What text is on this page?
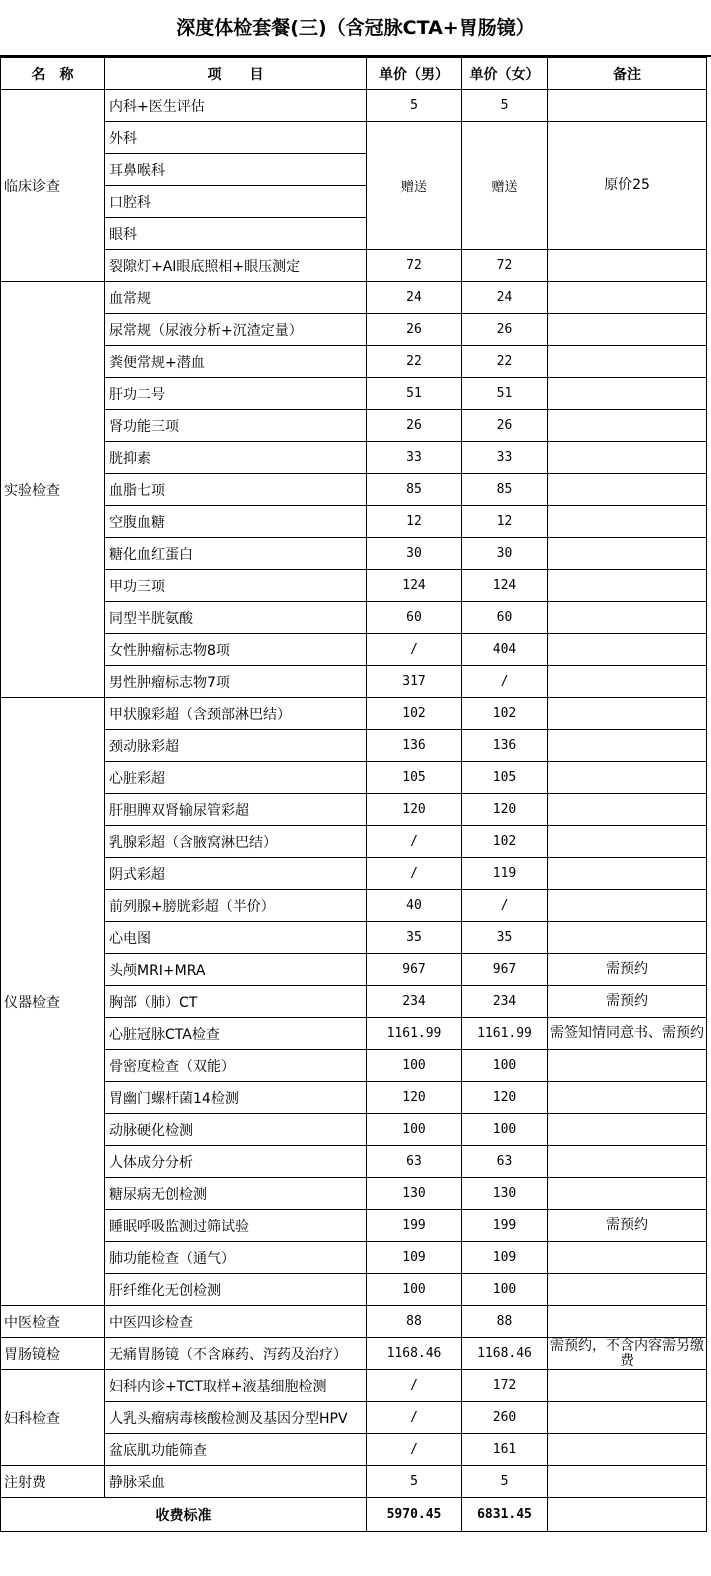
深度体检套餐(三)（含冠脉CTA+胃肠镜）
名　称	项　　目	单价（男）	单价（女）	备注
临床诊查	内科+医生评估	5	5	
	外科	赠送	赠送	原价25
	耳鼻喉科			
	口腔科			
	眼科			
	裂隙灯+AI眼底照相+眼压测定	72	72	
实验检查	血常规	24	24	
	尿常规（尿液分析+沉渣定量）	26	26	
	粪便常规+潜血	22	22	
	肝功二号	51	51	
	肾功能三项	26	26	
	胱抑素	33	33	
	血脂七项	85	85	
	空腹血糖	12	12	
	糖化血红蛋白	30	30	
	甲功三项	124	124	
	同型半胱氨酸	60	60	
	女性肿瘤标志物8项	/	404	
	男性肿瘤标志物7项	317	/	
仪器检查	甲状腺彩超（含颈部淋巴结）	102	102	
	颈动脉彩超	136	136	
	心脏彩超	105	105	
	肝胆脾双肾输尿管彩超	120	120	
	乳腺彩超（含腋窝淋巴结）	/	102	
	阴式彩超	/	119	
	前列腺+膀胱彩超（半价）	40	/	
	心电图	35	35	
	头颅MRI+MRA	967	967	需预约
	胸部（肺）CT	234	234	需预约
	心脏冠脉CTA检查	1161.99	1161.99	需签知情同意书、需预约
	骨密度检查（双能）	100	100	
	胃幽门螺杆菌14检测	120	120	
	动脉硬化检测	100	100	
	人体成分分析	63	63	
	糖尿病无创检测	130	130	
	睡眠呼吸监测过筛试验	199	199	需预约
	肺功能检查（通气）	109	109	
	肝纤维化无创检测	100	100	
中医检查	中医四诊检查	88	88	
胃肠镜检	无痛胃肠镜（不含麻药、泻药及治疗）	1168.46	1168.46	需预约，不含内容需另缴费
妇科检查	妇科内诊+TCT取样+液基细胞检测	/	172	
	人乳头瘤病毒核酸检测及基因分型HPV	/	260	
	盆底肌功能筛查	/	161	
注射费	静脉采血	5	5	
收费标准		5970.45	6831.45	
